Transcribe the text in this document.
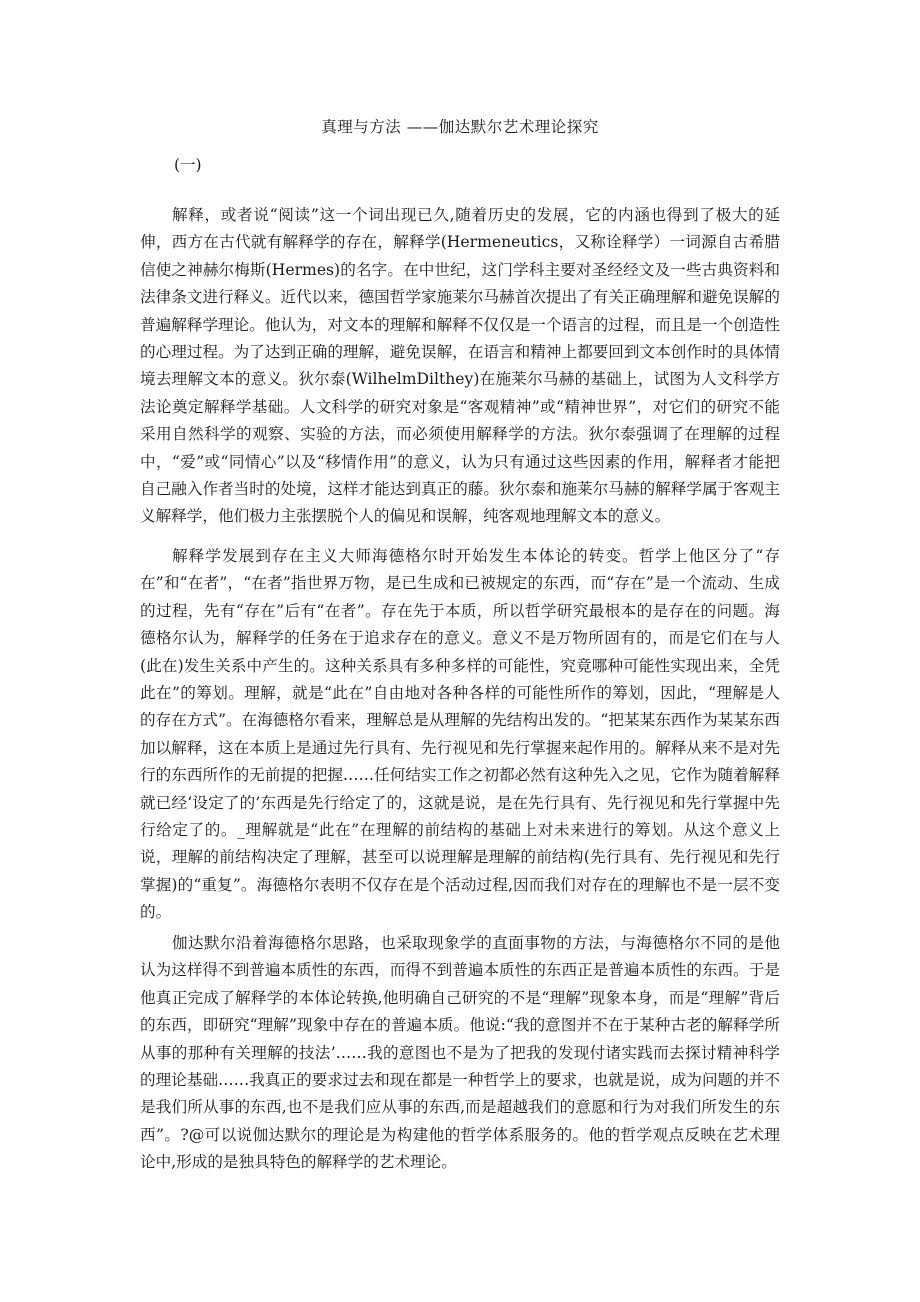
真理与方法 ——伽达默尔艺术理论探究
(一)

解释，或者说“阅读”这一个词出现已久,随着历史的发展，它的内涵也得到了极大的延伸，西方在古代就有解释学的存在，解释学(Hermeneutics，又称诠释学）一词源自古希腊信使之神赫尔梅斯(Hermes)的名字。在中世纪，这门学科主要对圣经经文及一些古典资料和法律条文进行释义。近代以来，德国哲学家施莱尔马赫首次提出了有关正确理解和避免误解的普遍解释学理论。他认为，对文本的理解和解释不仅仅是一个语言的过程，而且是一个创造性的心理过程。为了达到正确的理解，避免误解，在语言和精神上都要回到文本创作时的具体情境去理解文本的意义。狄尔泰(WilhelmDilthey)在施莱尔马赫的基础上，试图为人文科学方法论奠定解释学基础。人文科学的研究对象是“客观精神”或“精神世界”，对它们的研究不能采用自然科学的观察、实验的方法，而必须使用解释学的方法。狄尔泰强调了在理解的过程中，“爱”或“同情心”以及“移情作用”的意义，认为只有通过这些因素的作用，解释者才能把自己融入作者当时的处境，这样才能达到真正的藤。狄尔泰和施莱尔马赫的解释学属于客观主义解释学，他们极力主张摆脱个人的偏见和误解，纯客观地理解文本的意义。

解释学发展到存在主义大师海德格尔时开始发生本体论的转变。哲学上他区分了“存在”和“在者”，“在者”指世界万物，是已生成和已被规定的东西，而“存在”是一个流动、生成的过程，先有“存在”后有“在者”。存在先于本质，所以哲学研究最根本的是存在的问题。海德格尔认为，解释学的任务在于追求存在的意义。意义不是万物所固有的，而是它们在与人(此在)发生关系中产生的。这种关系具有多种多样的可能性，究竟哪种可能性实现出来，全凭此在”的筹划。理解，就是“此在”自由地对各种各样的可能性所作的筹划，因此，“理解是人的存在方式”。在海德格尔看来，理解总是从理解的先结构出发的。“把某某东西作为某某东西加以解释，这在本质上是通过先行具有、先行视见和先行掌握来起作用的。解释从来不是对先行的东西所作的无前提的把握……任何结实工作之初都必然有这种先入之见，它作为随着解释就已经‘设定了的’东西是先行给定了的，这就是说，是在先行具有、先行视见和先行掌握中先行给定了的。_理解就是“此在”在理解的前结构的基础上对未来进行的筹划。从这个意义上说，理解的前结构决定了理解，甚至可以说理解是理解的前结构(先行具有、先行视见和先行掌握)的“重复”。海德格尔表明不仅存在是个活动过程,因而我们对存在的理解也不是一层不变的。

伽达默尔沿着海德格尔思路，也采取现象学的直面事物的方法，与海德格尔不同的是他认为这样得不到普遍本质性的东西，而得不到普遍本质性的东西正是普遍本质性的东西。于是他真正完成了解释学的本体论转换,他明确自己研究的不是“理解”现象本身，而是“理解”背后的东西，即研究“理解”现象中存在的普遍本质。他说:“我的意图并不在于某种古老的解释学所从事的那种有关理解的技法’……我的意图也不是为了把我的发现付诸实践而去探讨精神科学的理论基础……我真正的要求过去和现在都是一种哲学上的要求，也就是说，成为问题的并不是我们所从事的东西,也不是我们应从事的东西,而是超越我们的意愿和行为对我们所发生的东西”。?@可以说伽达默尔的理论是为构建他的哲学体系服务的。他的哲学观点反映在艺术理论中,形成的是独具特色的解释学的艺术理论。
